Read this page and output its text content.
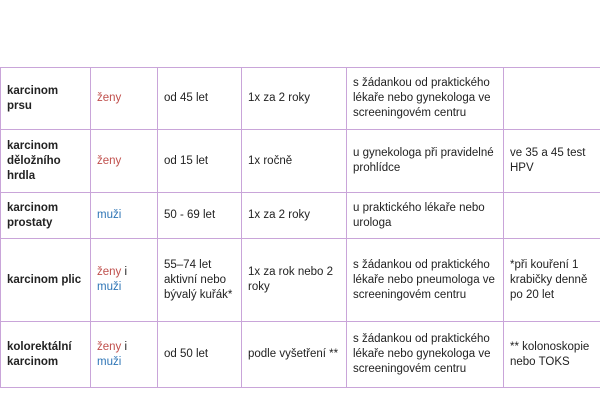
karcinom prsu	ženy	od 45 let	1x za 2 roky	s žádankou od praktického lékaře nebo gynekologa ve screeningovém centru	
karcinom děložního hrdla	ženy	od 15 let	1x ročně	u gynekologa při pravidelné prohlídce	ve 35 a 45 test HPV
karcinom prostaty	muži	50 - 69 let	1x za 2 roky	u praktického lékaře nebo urologa	
karcinom plic	ženy i muži	55–74 let aktivní nebo bývalý kuřák*	1x za rok nebo 2 roky	s žádankou od praktického lékaře nebo pneumologa ve screeningovém centru	*při kouření 1 krabičky denně po 20 let
kolorektální karcinom	ženy i muži	od 50 let	podle vyšetření **	s žádankou od praktického lékaře nebo gynekologa ve screeningovém centru	** kolonoskopie nebo TOKS
